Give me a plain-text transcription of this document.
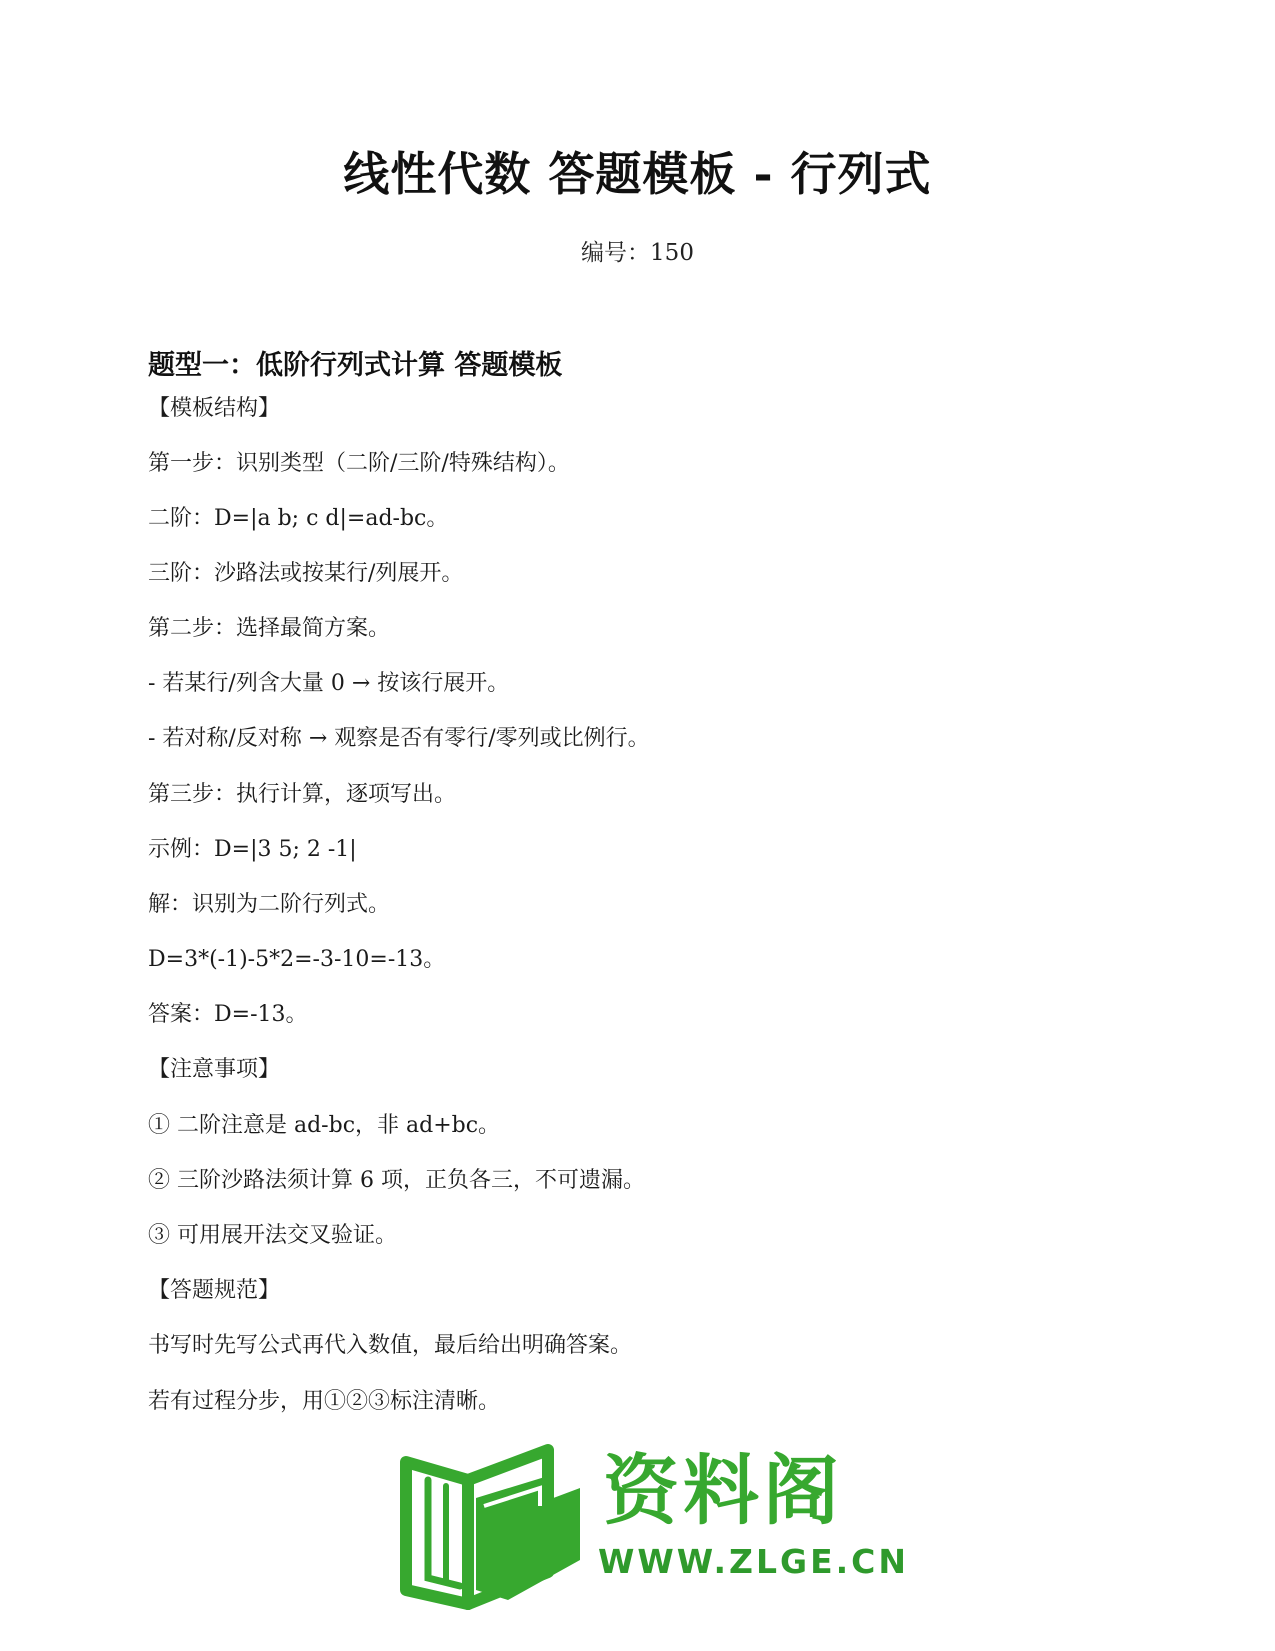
线性代数 答题模板 - 行列式
编号：150
题型一：低阶行列式计算 答题模板
【模板结构】
第一步：识别类型（二阶/三阶/特殊结构）。
二阶：D=|a b; c d|=ad-bc。
三阶：沙路法或按某行/列展开。
第二步：选择最简方案。
- 若某行/列含大量 0 → 按该行展开。
- 若对称/反对称 → 观察是否有零行/零列或比例行。
第三步：执行计算，逐项写出。
示例：D=|3 5; 2 -1|
解：识别为二阶行列式。
D=3*(-1)-5*2=-3-10=-13。
答案：D=-13。
【注意事项】
① 二阶注意是 ad-bc，非 ad+bc。
② 三阶沙路法须计算 6 项，正负各三，不可遗漏。
③ 可用展开法交叉验证。
【答题规范】
书写时先写公式再代入数值，最后给出明确答案。
若有过程分步，用①②③标注清晰。
资料阁
WWW.ZLGE.CN
